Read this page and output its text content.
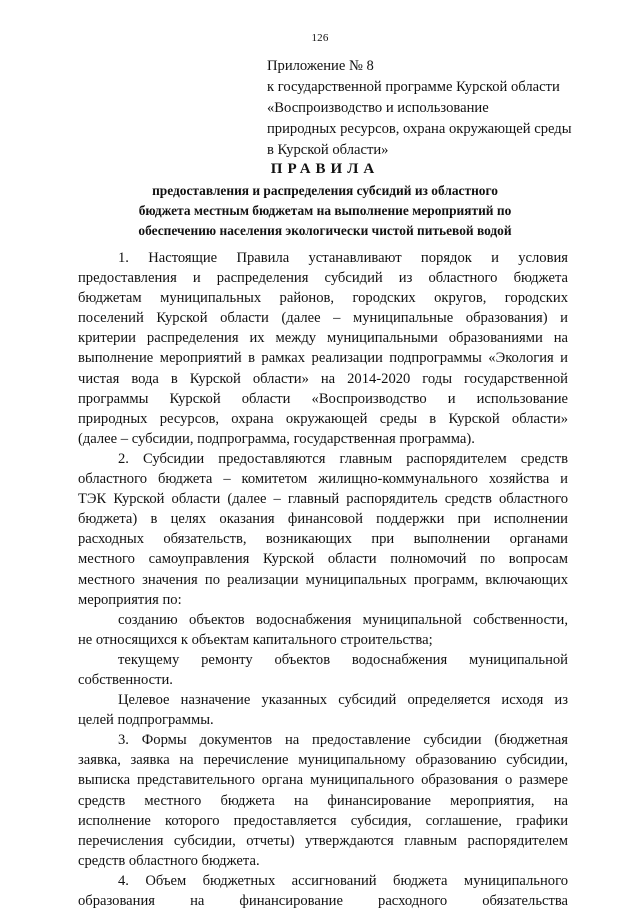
126
Приложение № 8
к государственной программе Курской области
«Воспроизводство и использование
природных ресурсов, охрана окружающей среды
в Курской области»
ПРАВИЛА
предоставления и распределения субсидий из областного
бюджета местным бюджетам на выполнение мероприятий по
обеспечению населения экологически чистой питьевой водой
1. Настоящие Правила устанавливают порядок и условия
предоставления и распределения субсидий из областного бюджета
бюджетам муниципальных районов, городских округов, городских
поселений Курской области (далее – муниципальные образования) и
критерии распределения их между муниципальными образованиями на
выполнение мероприятий в рамках реализации подпрограммы «Экология и
чистая вода в Курской области» на 2014-2020 годы государственной
программы Курской области «Воспроизводство и использование
природных ресурсов, охрана окружающей среды в Курской области»
(далее – субсидии, подпрограмма, государственная программа).
2. Субсидии предоставляются главным распорядителем средств
областного бюджета – комитетом жилищно-коммунального хозяйства и
ТЭК Курской области (далее – главный распорядитель средств областного
бюджета) в целях оказания финансовой поддержки при исполнении
расходных обязательств, возникающих при выполнении органами
местного самоуправления Курской области полномочий по вопросам
местного значения по реализации муниципальных программ, включающих
мероприятия по:
созданию объектов водоснабжения муниципальной собственности,
не относящихся к объектам капитального строительства;
текущему ремонту объектов водоснабжения муниципальной
собственности.
Целевое назначение указанных субсидий определяется исходя из
целей подпрограммы.
3. Формы документов на предоставление субсидии (бюджетная
заявка, заявка на перечисление муниципальному образованию субсидии,
выписка представительного органа муниципального образования о размере
средств местного бюджета на финансирование мероприятия, на
исполнение которого предоставляется субсидия, соглашение, графики
перечисления субсидии, отчеты) утверждаются главным распорядителем
средств областного бюджета.
4. Объем бюджетных ассигнований бюджета муниципального
образования на финансирование расходного обязательства
